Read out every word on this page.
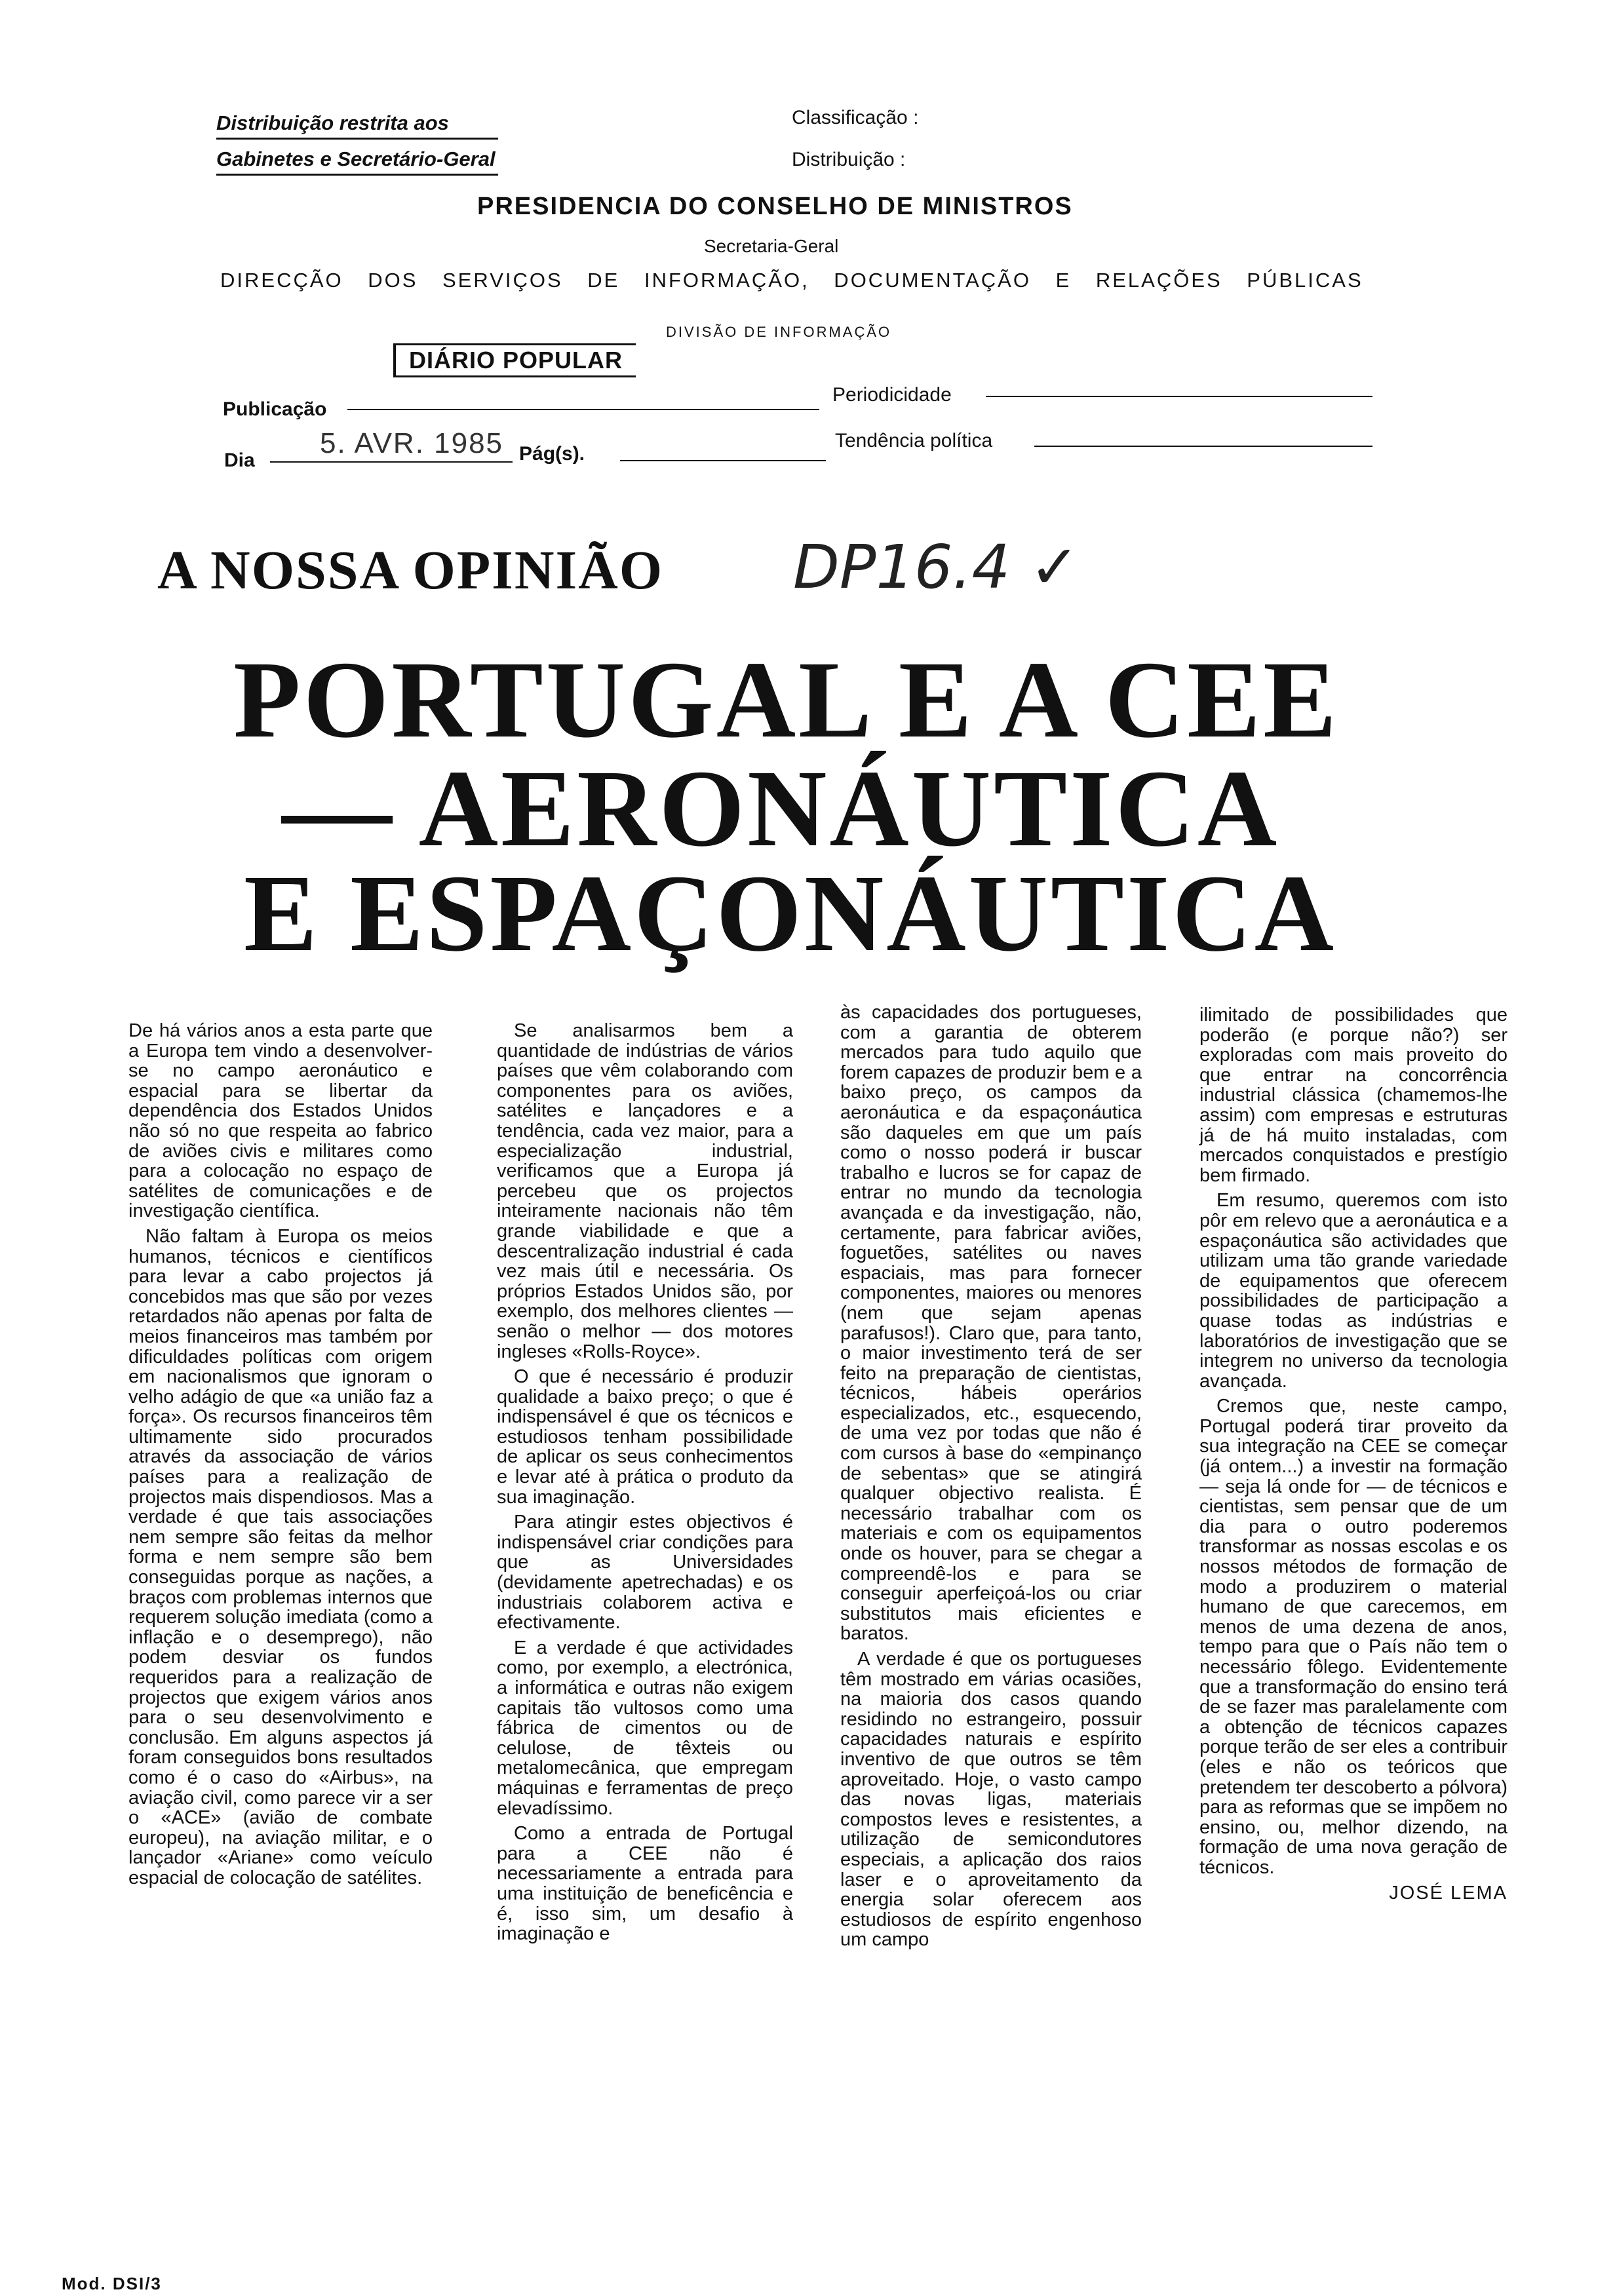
Distribuição restrita aos
Gabinetes e Secretário-Geral
Classificação :
Distribuição :
PRESIDENCIA DO CONSELHO DE MINISTROS
Secretaria-Geral
DIRECÇÃO DOS SERVIÇOS DE INFORMAÇÃO, DOCUMENTAÇÃO E RELAÇÕES PÚBLICAS
DIVISÃO DE INFORMAÇÃO
DIÁRIO POPULAR
Publicação
Periodicidade
Dia
5. AVR. 1985 Pág(s).
Tendência política
A NOSSA OPINIÃO DP16.4 ✓
PORTUGAL E A CEE
— AERONÁUTICA
E ESPAÇONÁUTICA

De há vários anos a esta parte que a Europa tem vindo a desenvolver-se no campo aeronáutico e espacial para se libertar da dependência dos Estados Unidos não só no que respeita ao fabrico de aviões civis e militares como para a colocação no espaço de satélites de comunicações e de investigação científica.

Não faltam à Europa os meios humanos, técnicos e científicos para levar a cabo projectos já concebidos mas que são por vezes retardados não apenas por falta de meios financeiros mas também por dificuldades políticas com origem em nacionalismos que ignoram o velho adágio de que «a união faz a força». Os recursos financeiros têm ultimamente sido procurados através da associação de vários países para a realização de projectos mais dispendiosos. Mas a verdade é que tais associações nem sempre são feitas da melhor forma e nem sempre são bem conseguidas porque as nações, a braços com problemas internos que requerem solução imediata (como a inflação e o desemprego), não podem desviar os fundos requeridos para a realização de projectos que exigem vários anos para o seu desenvolvimento e conclusão. Em alguns aspectos já foram conseguidos bons resultados como é o caso do «Airbus», na aviação civil, como parece vir a ser o «ACE» (avião de combate europeu), na aviação militar, e o lançador «Ariane» como veículo espacial de colocação de satélites.

Se analisarmos bem a quantidade de indústrias de vários países que vêm colaborando com componentes para os aviões, satélites e lançadores e a tendência, cada vez maior, para a especialização industrial, verificamos que a Europa já percebeu que os projectos inteiramente nacionais não têm grande viabilidade e que a descentralização industrial é cada vez mais útil e necessária. Os próprios Estados Unidos são, por exemplo, dos melhores clientes — senão o melhor — dos motores ingleses «Rolls-Royce».

O que é necessário é produzir qualidade a baixo preço; o que é indispensável é que os técnicos e estudiosos tenham possibilidade de aplicar os seus conhecimentos e levar até à prática o produto da sua imaginação.

Para atingir estes objectivos é indispensável criar condições para que as Universidades (devidamente apetrechadas) e os industriais colaborem activa e efectivamente.

E a verdade é que actividades como, por exemplo, a electrónica, a informática e outras não exigem capitais tão vultosos como uma fábrica de cimentos ou de celulose, de têxteis ou metalomecânica, que empregam máquinas e ferramentas de preço elevadíssimo.

Como a entrada de Portugal para a CEE não é necessariamente a entrada para uma instituição de beneficência e é, isso sim, um desafio à imaginação e

às capacidades dos portugueses, com a garantia de obterem mercados para tudo aquilo que forem capazes de produzir bem e a baixo preço, os campos da aeronáutica e da espaçonáutica são daqueles em que um país como o nosso poderá ir buscar trabalho e lucros se for capaz de entrar no mundo da tecnologia avançada e da investigação, não, certamente, para fabricar aviões, foguetões, satélites ou naves espaciais, mas para fornecer componentes, maiores ou menores (nem que sejam apenas parafusos!). Claro que, para tanto, o maior investimento terá de ser feito na preparação de cientistas, técnicos, hábeis operários especializados, etc., esquecendo, de uma vez por todas que não é com cursos à base do «empinanço de sebentas» que se atingirá qualquer objectivo realista. É necessário trabalhar com os materiais e com os equipamentos onde os houver, para se chegar a compreendê-los e para se conseguir aperfeiçoá-los ou criar substitutos mais eficientes e baratos.

A verdade é que os portugueses têm mostrado em várias ocasiões, na maioria dos casos quando residindo no estrangeiro, possuir capacidades naturais e espírito inventivo de que outros se têm aproveitado. Hoje, o vasto campo das novas ligas, materiais compostos leves e resistentes, a utilização de semicondutores especiais, a aplicação dos raios laser e o aproveitamento da energia solar oferecem aos estudiosos de espírito engenhoso um campo

ilimitado de possibilidades que poderão (e porque não?) ser exploradas com mais proveito do que entrar na concorrência industrial clássica (chamemos-lhe assim) com empresas e estruturas já de há muito instaladas, com mercados conquistados e prestígio bem firmado.

Em resumo, queremos com isto pôr em relevo que a aeronáutica e a espaçonáutica são actividades que utilizam uma tão grande variedade de equipamentos que oferecem possibilidades de participação a quase todas as indústrias e laboratórios de investigação que se integrem no universo da tecnologia avançada.

Cremos que, neste campo, Portugal poderá tirar proveito da sua integração na CEE se começar (já ontem...) a investir na formação — seja lá onde for — de técnicos e cientistas, sem pensar que de um dia para o outro poderemos transformar as nossas escolas e os nossos métodos de formação de modo a produzirem o material humano de que carecemos, em menos de uma dezena de anos, tempo para que o País não tem o necessário fôlego. Evidentemente que a transformação do ensino terá de se fazer mas paralelamente com a obtenção de técnicos capazes porque terão de ser eles a contribuir (eles e não os teóricos que pretendem ter descoberto a pólvora) para as reformas que se impõem no ensino, ou, melhor dizendo, na formação de uma nova geração de técnicos.

JOSÉ LEMA
Mod. DSI/3
